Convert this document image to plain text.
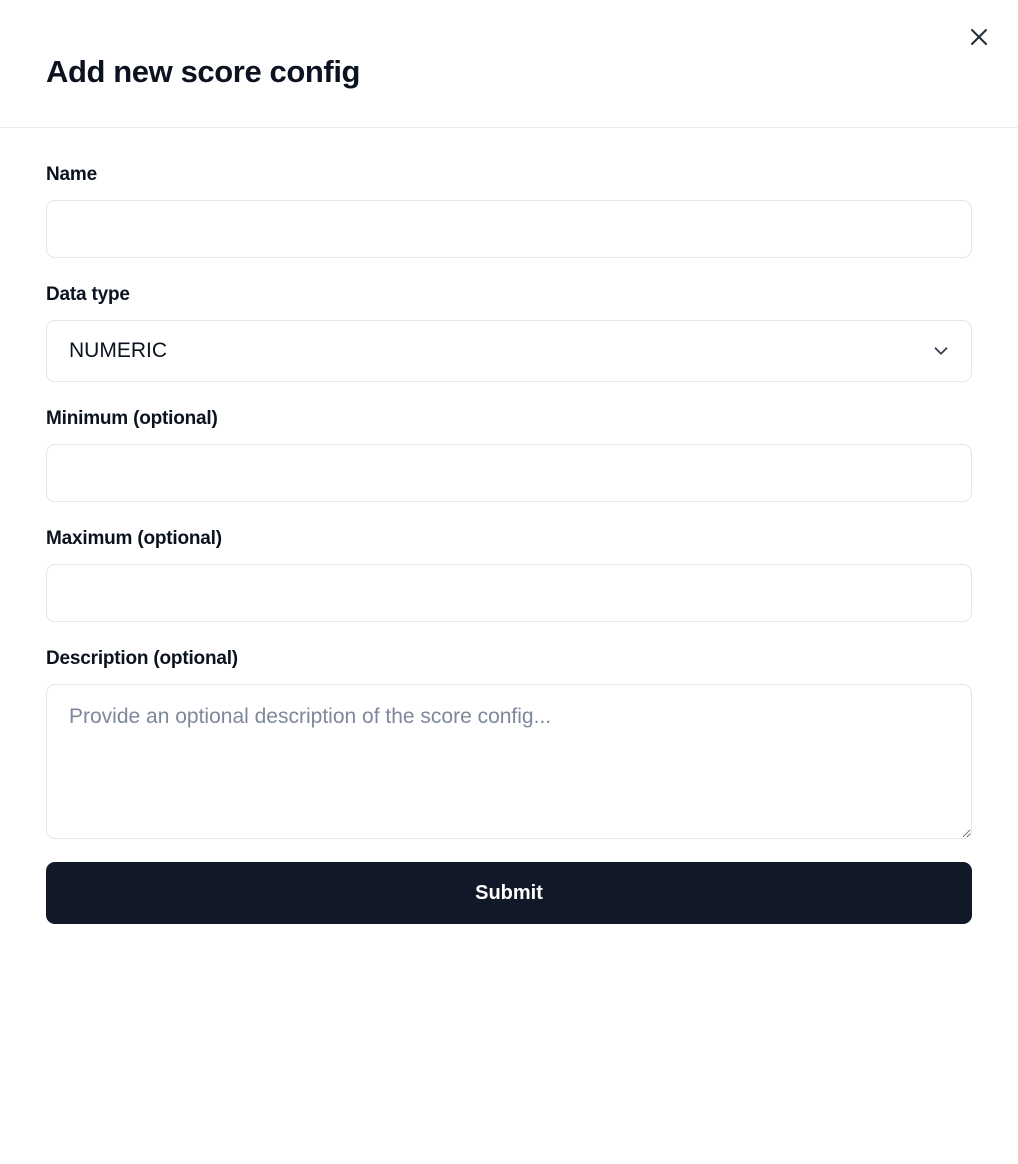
Add new score config
Name
Data type
NUMERIC
Minimum (optional)
Maximum (optional)
Description (optional)
Provide an optional description of the score config...
Submit
